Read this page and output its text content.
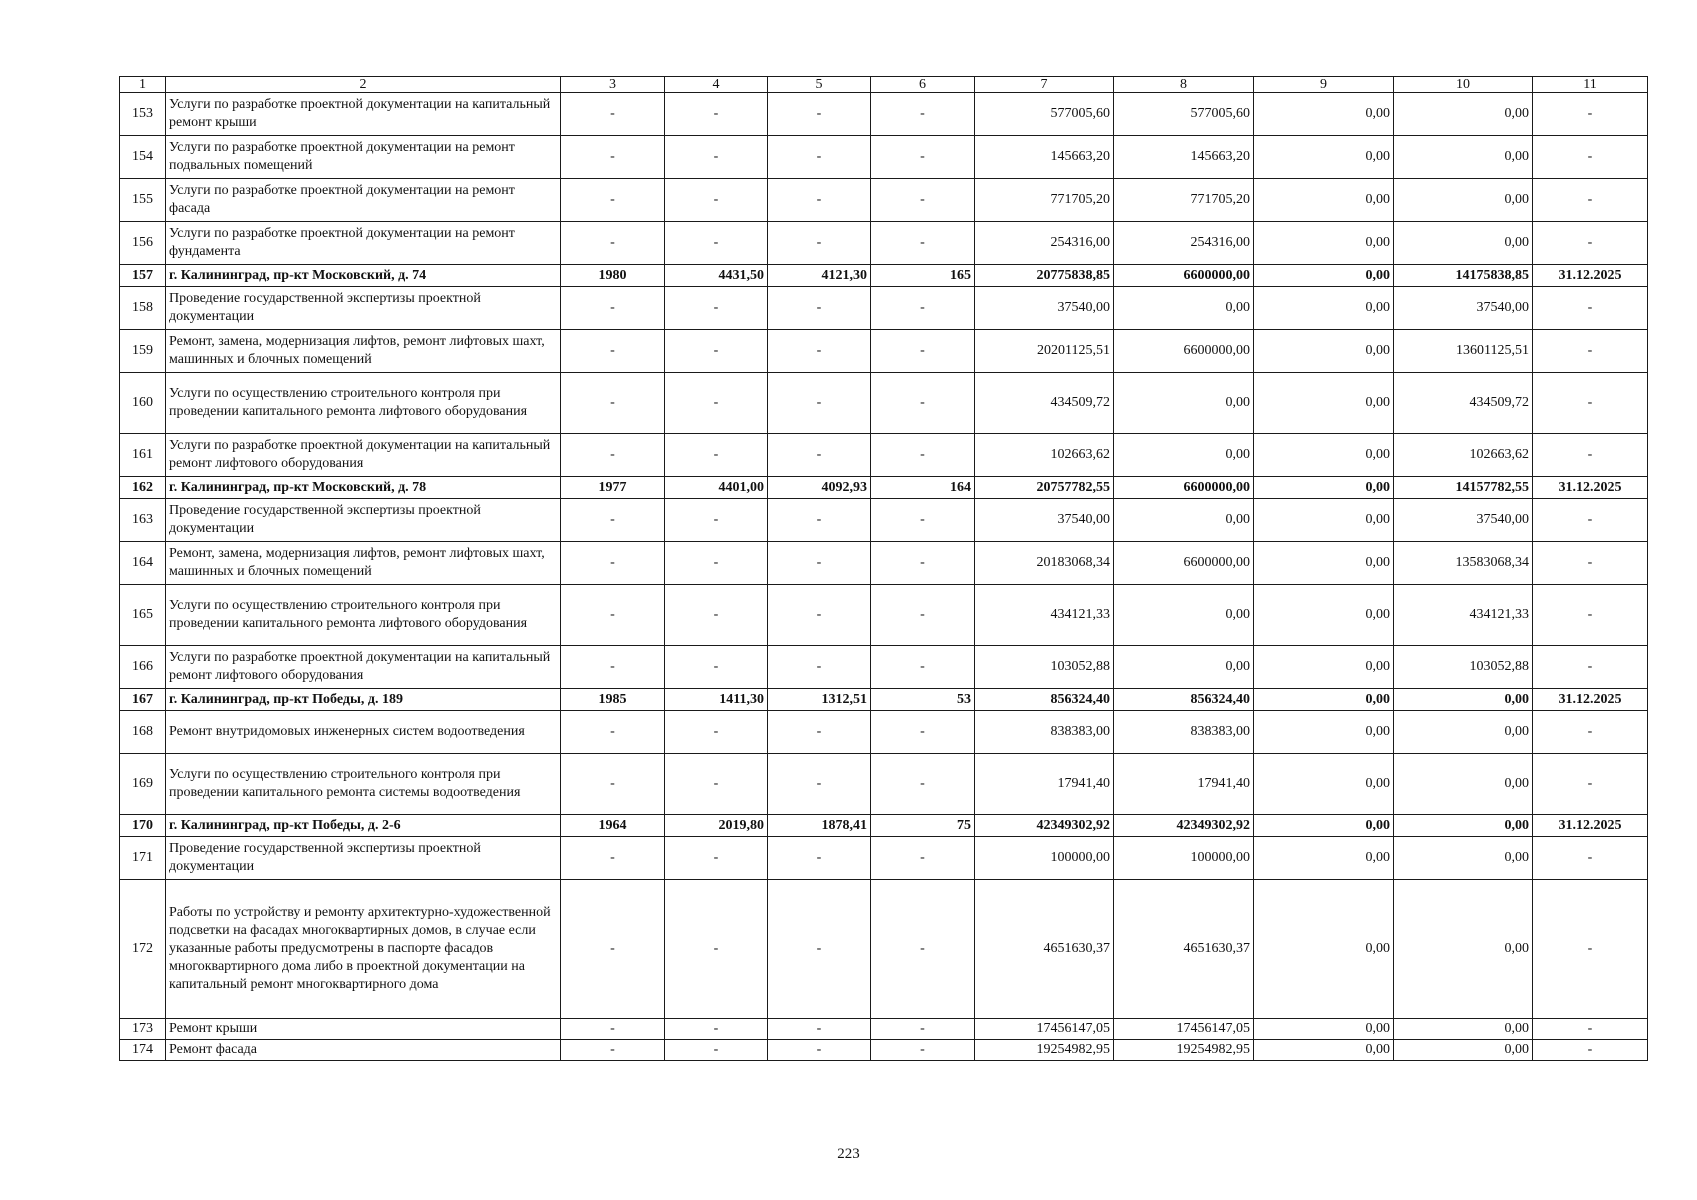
1	2	3	4	5	6	7	8	9	10	11
153	Услуги по разработке проектной документации на капитальный ремонт крыши	-	-	-	-	577005,60	577005,60	0,00	0,00	-
154	Услуги по разработке проектной документации на ремонт подвальных помещений	-	-	-	-	145663,20	145663,20	0,00	0,00	-
155	Услуги по разработке проектной документации на ремонт фасада	-	-	-	-	771705,20	771705,20	0,00	0,00	-
156	Услуги по разработке проектной документации на ремонт фундамента	-	-	-	-	254316,00	254316,00	0,00	0,00	-
157	г. Калининград, пр-кт Московский, д. 74	1980	4431,50	4121,30	165	20775838,85	6600000,00	0,00	14175838,85	31.12.2025
158	Проведение государственной экспертизы проектной документации	-	-	-	-	37540,00	0,00	0,00	37540,00	-
159	Ремонт, замена, модернизация лифтов, ремонт лифтовых шахт, машинных и блочных помещений	-	-	-	-	20201125,51	6600000,00	0,00	13601125,51	-
160	Услуги по осуществлению строительного контроля при проведении капитального ремонта лифтового оборудования	-	-	-	-	434509,72	0,00	0,00	434509,72	-
161	Услуги по разработке проектной документации на капитальный ремонт лифтового оборудования	-	-	-	-	102663,62	0,00	0,00	102663,62	-
162	г. Калининград, пр-кт Московский, д. 78	1977	4401,00	4092,93	164	20757782,55	6600000,00	0,00	14157782,55	31.12.2025
163	Проведение государственной экспертизы проектной документации	-	-	-	-	37540,00	0,00	0,00	37540,00	-
164	Ремонт, замена, модернизация лифтов, ремонт лифтовых шахт, машинных и блочных помещений	-	-	-	-	20183068,34	6600000,00	0,00	13583068,34	-
165	Услуги по осуществлению строительного контроля при проведении капитального ремонта лифтового оборудования	-	-	-	-	434121,33	0,00	0,00	434121,33	-
166	Услуги по разработке проектной документации на капитальный ремонт лифтового оборудования	-	-	-	-	103052,88	0,00	0,00	103052,88	-
167	г. Калининград, пр-кт Победы, д. 189	1985	1411,30	1312,51	53	856324,40	856324,40	0,00	0,00	31.12.2025
168	Ремонт внутридомовых инженерных систем водоотведения	-	-	-	-	838383,00	838383,00	0,00	0,00	-
169	Услуги по осуществлению строительного контроля при проведении капитального ремонта системы водоотведения	-	-	-	-	17941,40	17941,40	0,00	0,00	-
170	г. Калининград, пр-кт Победы, д. 2-6	1964	2019,80	1878,41	75	42349302,92	42349302,92	0,00	0,00	31.12.2025
171	Проведение государственной экспертизы проектной документации	-	-	-	-	100000,00	100000,00	0,00	0,00	-
172	Работы по устройству и ремонту архитектурно-художественной подсветки на фасадах многоквартирных домов, в случае если указанные работы предусмотрены в паспорте фасадов многоквартирного дома либо в проектной документации на капитальный ремонт многоквартирного дома	-	-	-	-	4651630,37	4651630,37	0,00	0,00	-
173	Ремонт крыши	-	-	-	-	17456147,05	17456147,05	0,00	0,00	-
174	Ремонт фасада	-	-	-	-	19254982,95	19254982,95	0,00	0,00	-
223
